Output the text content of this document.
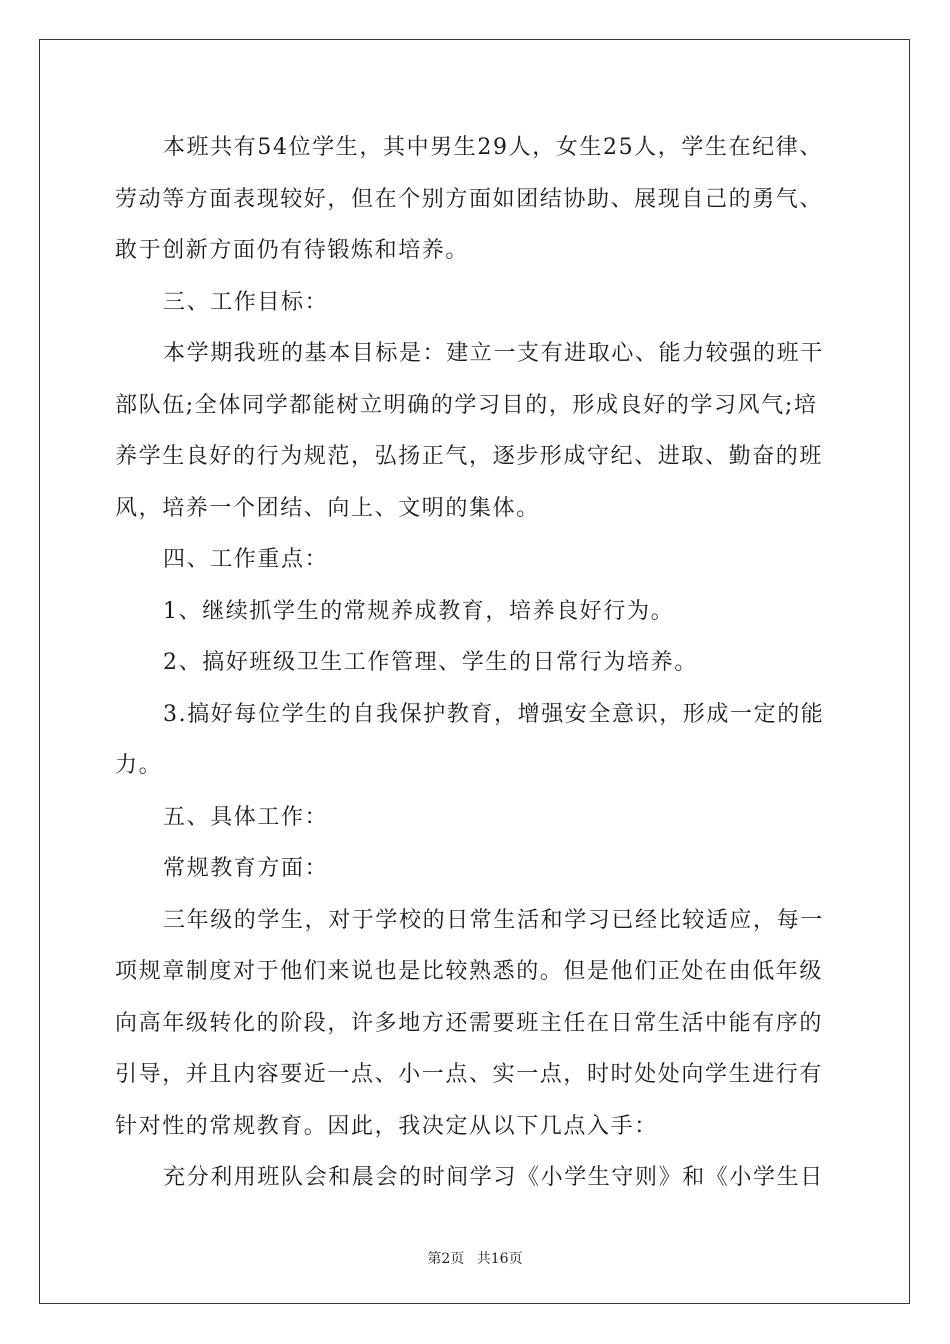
本班共有54位学生，其中男生29人，女生25人，学生在纪律、
劳动等方面表现较好，但在个别方面如团结协助、展现自己的勇气、
敢于创新方面仍有待锻炼和培养。
三、工作目标：
本学期我班的基本目标是：建立一支有进取心、能力较强的班干
部队伍;全体同学都能树立明确的学习目的，形成良好的学习风气;培
养学生良好的行为规范，弘扬正气，逐步形成守纪、进取、勤奋的班
风，培养一个团结、向上、文明的集体。
四、工作重点：
1、继续抓学生的常规养成教育，培养良好行为。
2、搞好班级卫生工作管理、学生的日常行为培养。
3.搞好每位学生的自我保护教育，增强安全意识，形成一定的能
力。
五、具体工作：
常规教育方面：
三年级的学生，对于学校的日常生活和学习已经比较适应，每一
项规章制度对于他们来说也是比较熟悉的。但是他们正处在由低年级
向高年级转化的阶段，许多地方还需要班主任在日常生活中能有序的
引导，并且内容要近一点、小一点、实一点，时时处处向学生进行有
针对性的常规教育。因此，我决定从以下几点入手：
充分利用班队会和晨会的时间学习《小学生守则》和《小学生日

第2页 共16页
